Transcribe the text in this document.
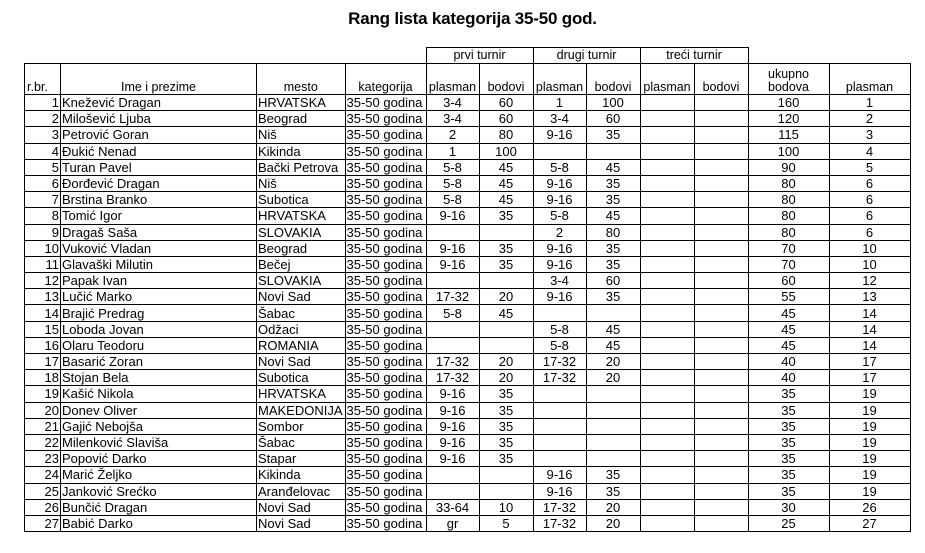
Rang lista kategorija 35-50 god.
				prvi turnir		drugi turnir		treći turnir			
r.br.	Ime i prezime	mesto	kategorija	plasman	bodovi	plasman	bodovi	plasman	bodovi	ukupno
bodova	plasman
1	Knežević Dragan	HRVATSKA	35-50 godina	3-4	60	1	100			160	1
2	Milošević Ljuba	Beograd	35-50 godina	3-4	60	3-4	60			120	2
3	Petrović Goran	Niš	35-50 godina	2	80	9-16	35			115	3
4	Đukić Nenad	Kikinda	35-50 godina	1	100					100	4
5	Turan Pavel	Bački Petrova	35-50 godina	5-8	45	5-8	45			90	5
6	Đorđević Dragan	Niš	35-50 godina	5-8	45	9-16	35			80	6
7	Brstina Branko	Subotica	35-50 godina	5-8	45	9-16	35			80	6
8	Tomić Igor	HRVATSKA	35-50 godina	9-16	35	5-8	45			80	6
9	Dragaš Saša	SLOVAKIA	35-50 godina			2	80			80	6
10	Vuković Vladan	Beograd	35-50 godina	9-16	35	9-16	35			70	10
11	Glavaški Milutin	Bečej	35-50 godina	9-16	35	9-16	35			70	10
12	Papak Ivan	SLOVAKIA	35-50 godina			3-4	60			60	12
13	Lučić Marko	Novi Sad	35-50 godina	17-32	20	9-16	35			55	13
14	Brajić Predrag	Šabac	35-50 godina	5-8	45					45	14
15	Loboda Jovan	Odžaci	35-50 godina			5-8	45			45	14
16	Olaru Teodoru	ROMANIA	35-50 godina			5-8	45			45	14
17	Basarić Zoran	Novi Sad	35-50 godina	17-32	20	17-32	20			40	17
18	Stojan Bela	Subotica	35-50 godina	17-32	20	17-32	20			40	17
19	Kašić Nikola	HRVATSKA	35-50 godina	9-16	35					35	19
20	Donev Oliver	MAKEDONIJA	35-50 godina	9-16	35					35	19
21	Gajić Nebojša	Sombor	35-50 godina	9-16	35					35	19
22	Milenković Slaviša	Šabac	35-50 godina	9-16	35					35	19
23	Popović Darko	Stapar	35-50 godina	9-16	35					35	19
24	Marić Željko	Kikinda	35-50 godina			9-16	35			35	19
25	Janković Srećko	Aranđelovac	35-50 godina			9-16	35			35	19
26	Bunčić Dragan	Novi Sad	35-50 godina	33-64	10	17-32	20			30	26
27	Babić Darko	Novi Sad	35-50 godina	gr	5	17-32	20			25	27
